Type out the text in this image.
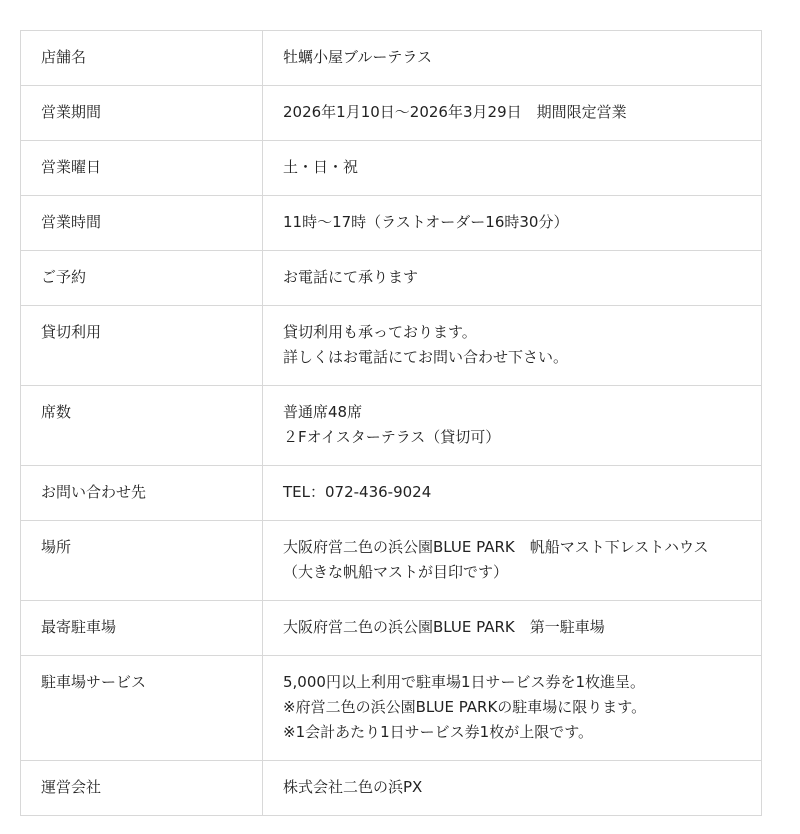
店舗名	牡蠣小屋ブルーテラス
営業期間	2026年1月10日～2026年3月29日　期間限定営業
営業曜日	土・日・祝
営業時間	11時～17時（ラストオーダー16時30分）
ご予約	お電話にて承ります
貸切利用	貸切利用も承っております。
詳しくはお電話にてお問い合わせ下さい。
席数	普通席48席
２Fオイスターテラス（貸切可）
お問い合わせ先	TEL：072-436-9024
場所	大阪府営二色の浜公園BLUE PARK　帆船マスト下レストハウス
（大きな帆船マストが目印です）
最寄駐車場	大阪府営二色の浜公園BLUE PARK　第一駐車場
駐車場サービス	5,000円以上利用で駐車場1日サービス券を1枚進呈。
※府営二色の浜公園BLUE PARKの駐車場に限ります。
※1会計あたり1日サービス券1枚が上限です。
運営会社	株式会社二色の浜PX
